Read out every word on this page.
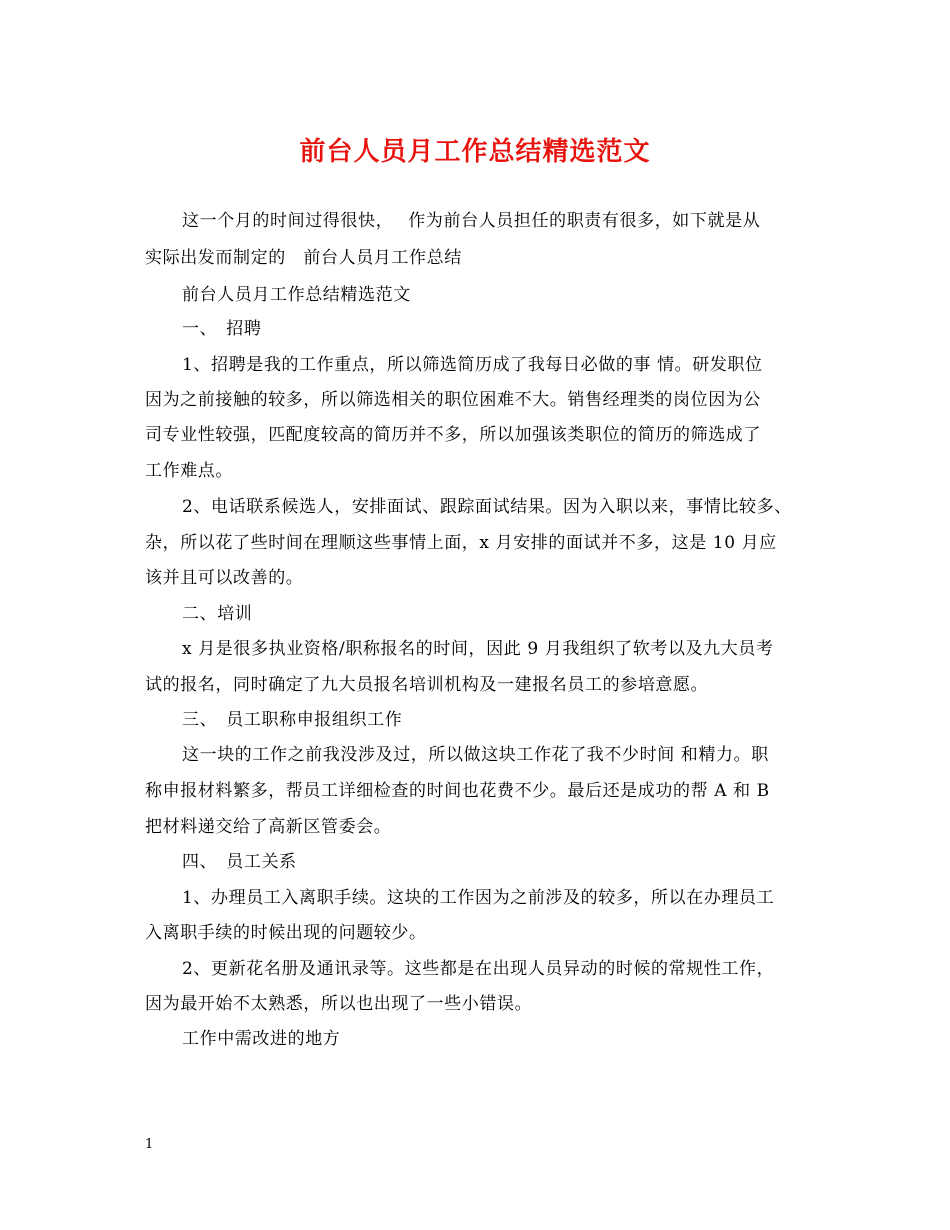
前台人员月工作总结精选范文
这一个月的时间过得很快，　 作为前台人员担任的职责有很多，如下就是从
实际出发而制定的　前台人员月工作总结
前台人员月工作总结精选范文
一、　招聘
1、招聘是我的工作重点，所以筛选简历成了我每日必做的事 情。研发职位
因为之前接触的较多，所以筛选相关的职位困难不大。销售经理类的岗位因为公
司专业性较强，匹配度较高的简历并不多，所以加强该类职位的简历的筛选成了
工作难点。
2、电话联系候选人，安排面试、跟踪面试结果。因为入职以来，事情比较多、
杂，所以花了些时间在理顺这些事情上面，x 月安排的面试并不多，这是 10 月应
该并且可以改善的。
二、培训
x 月是很多执业资格/职称报名的时间，因此 9 月我组织了软考以及九大员考
试的报名，同时确定了九大员报名培训机构及一建报名员工的参培意愿。
三、　员工职称申报组织工作
这一块的工作之前我没涉及过，所以做这块工作花了我不少时间 和精力。职
称申报材料繁多，帮员工详细检查的时间也花费不少。最后还是成功的帮 A 和 B
把材料递交给了高新区管委会。
四、　员工关系
1、办理员工入离职手续。这块的工作因为之前涉及的较多，所以在办理员工
入离职手续的时候出现的问题较少。
2、更新花名册及通讯录等。这些都是在出现人员异动的时候的常规性工作，
因为最开始不太熟悉，所以也出现了一些小错误。
工作中需改进的地方
1
